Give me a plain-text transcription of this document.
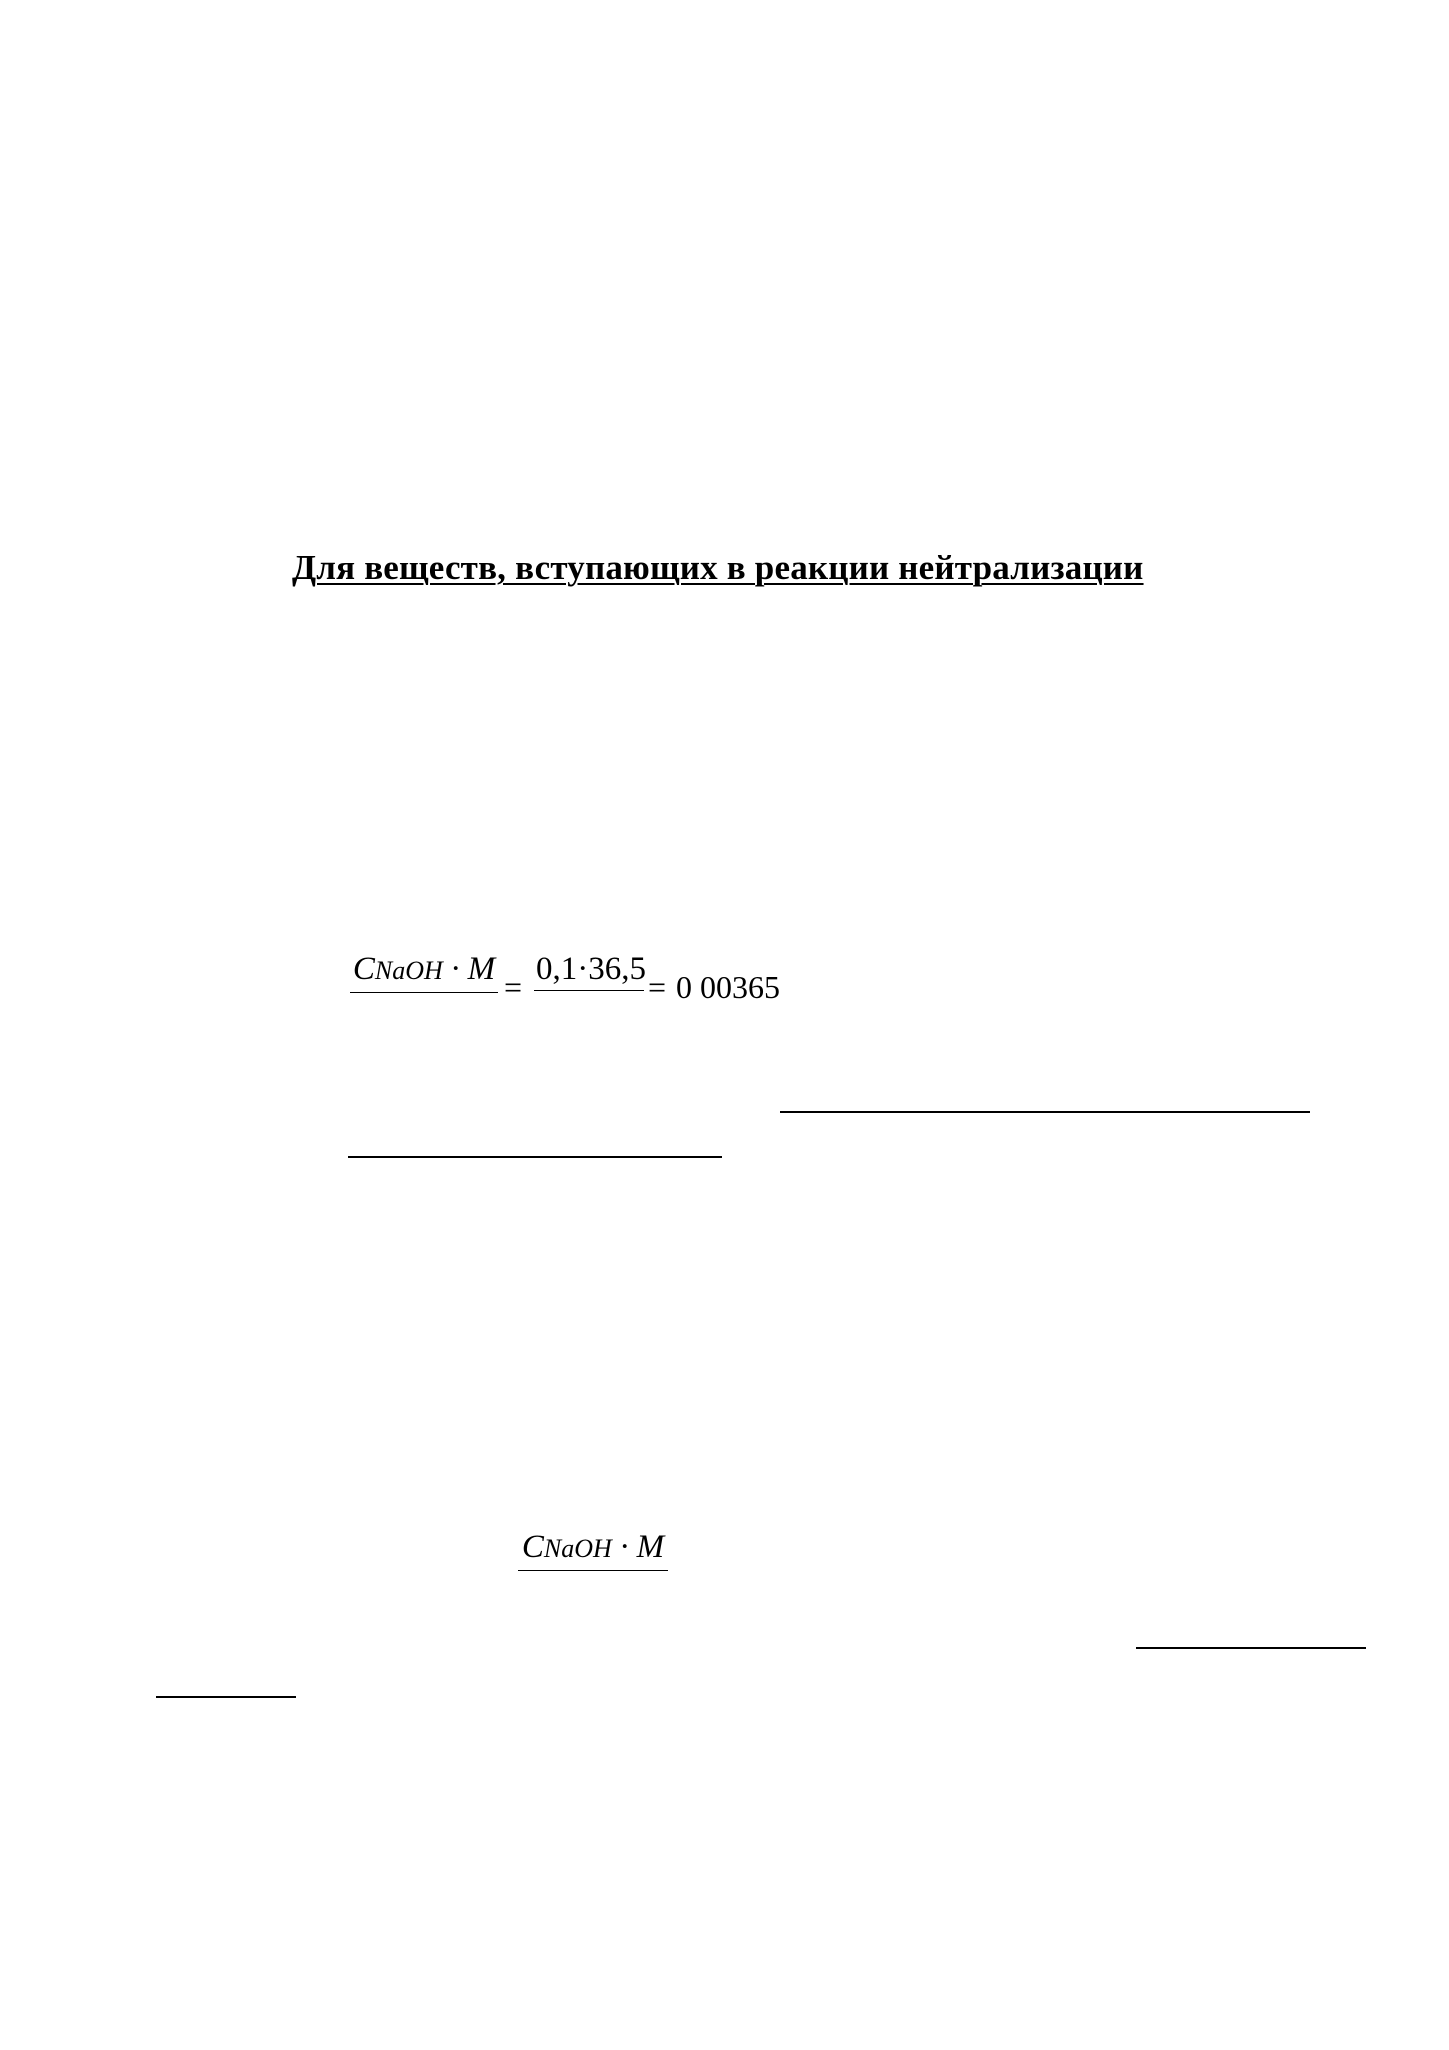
Для веществ, вступающих в реакции нейтрализации
CNaOH · M = 0,1·36,5 = 0 00365
CNaOH · M
